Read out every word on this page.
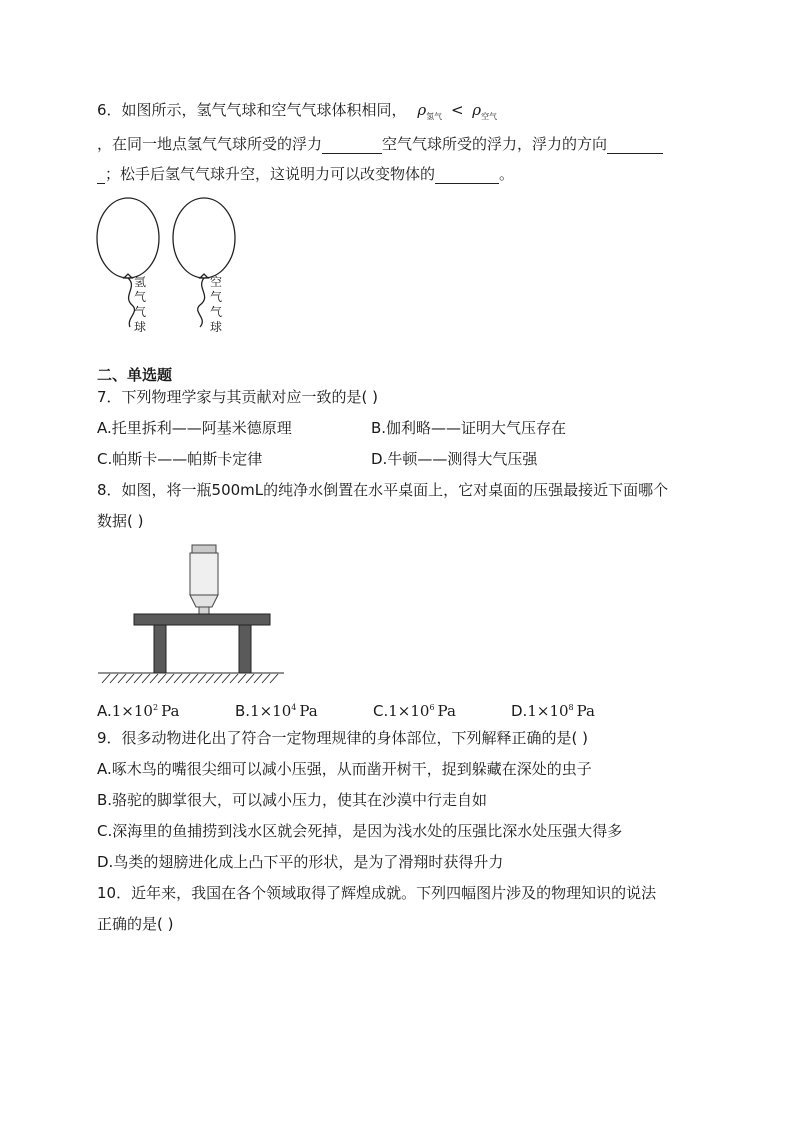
6．如图所示，氢气气球和空气气球体积相同， $\rho_{氢气} < \rho_{空气}$
，在同一地点氢气气球所受的浮力	空气气球所受的浮力，浮力的方向
；松手后氢气气球升空，这说明力可以改变物体的	。
氢
气
气
球
空
气
气
球
二、单选题
7．下列物理学家与其贡献对应一致的是( )
A.托里拆利——阿基米德原理	B.伽利略——证明大气压存在
C.帕斯卡——帕斯卡定律	D.牛顿——测得大气压强
8．如图，将一瓶500mL的纯净水倒置在水平桌面上，它对桌面的压强最接近下面哪个
数据( )
$A.1\times 10^2$ Pa	$B.1\times 10^4$ Pa	$C.1\times 10^6$ Pa	$D.1\times 10^8$ Pa
9．很多动物进化出了符合一定物理规律的身体部位，下列解释正确的是( )
A.啄木鸟的嘴很尖细可以减小压强，从而凿开树干，捉到躲藏在深处的虫子
B.骆驼的脚掌很大，可以减小压力，使其在沙漠中行走自如
C.深海里的鱼捕捞到浅水区就会死掉，是因为浅水处的压强比深水处压强大得多
D.鸟类的翅膀进化成上凸下平的形状，是为了滑翔时获得升力
10．近年来，我国在各个领域取得了辉煌成就。下列四幅图片涉及的物理知识的说法
正确的是( )
